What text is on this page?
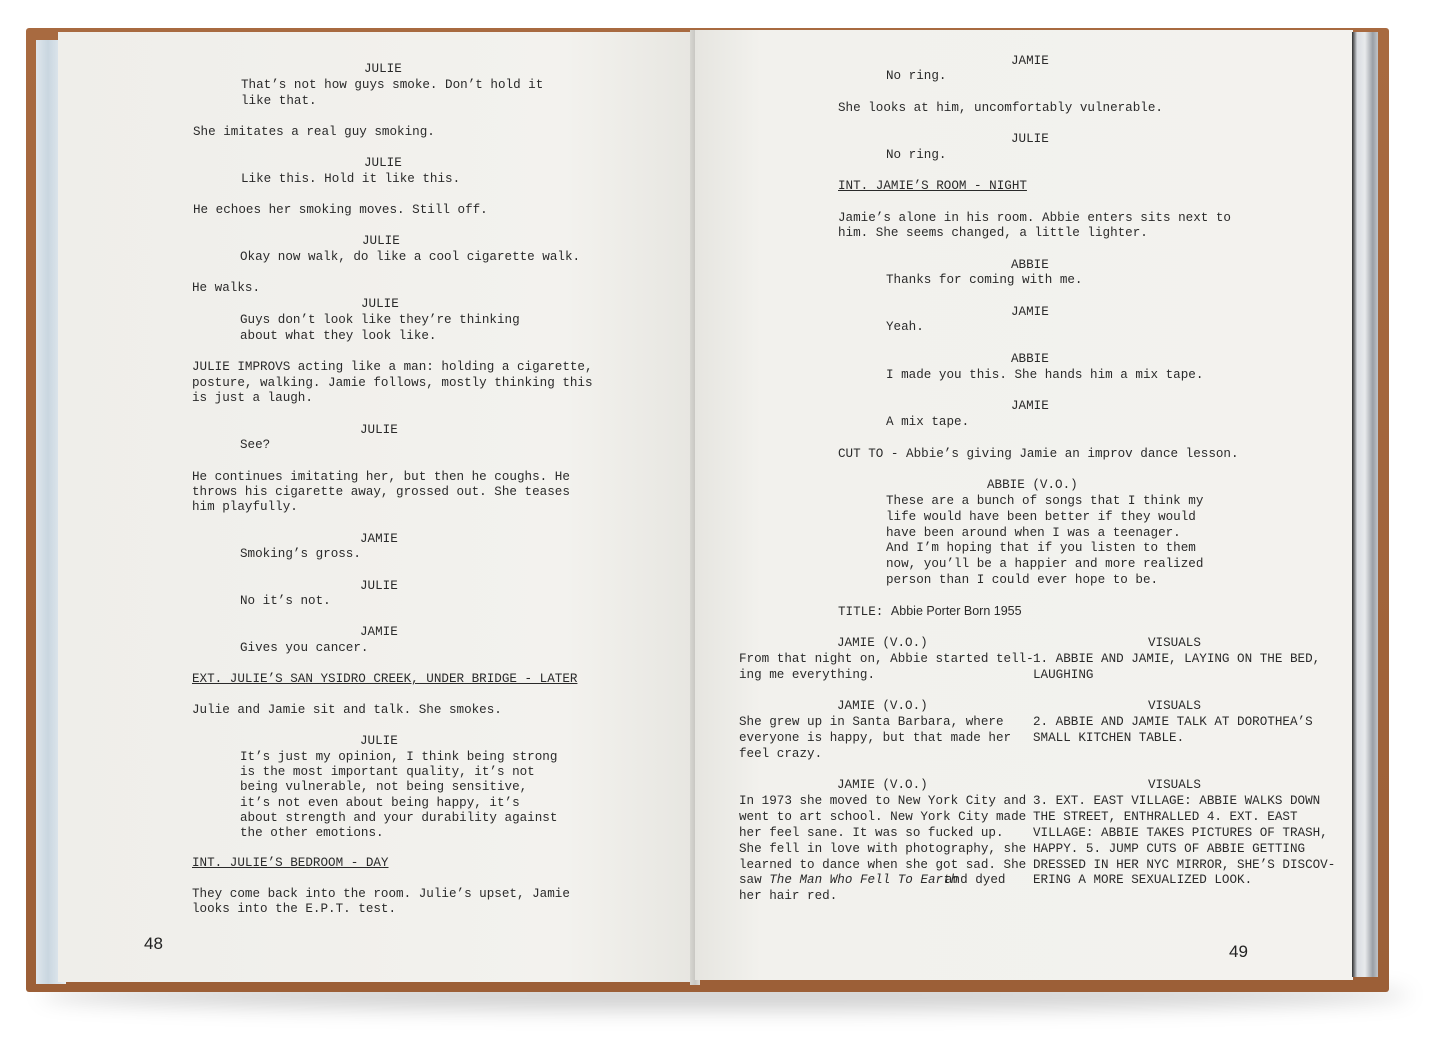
48
JULIE
That’s not how guys smoke. Don’t hold it
like that.
She imitates a real guy smoking.
JULIE
Like this. Hold it like this.
He echoes her smoking moves. Still off.
JULIE
Okay now walk, do like a cool cigarette walk.
He walks.
JULIE
Guys don’t look like they’re thinking
about what they look like.
JULIE IMPROVS acting like a man: holding a cigarette,
posture, walking. Jamie follows, mostly thinking this
is just a laugh.
JULIE
See?
He continues imitating her, but then he coughs. He
throws his cigarette away, grossed out. She teases
him playfully.
JAMIE
Smoking’s gross.
JULIE
No it’s not.
JAMIE
Gives you cancer.
EXT. JULIE’S SAN YSIDRO CREEK, UNDER BRIDGE - LATER
Julie and Jamie sit and talk. She smokes.
JULIE
It’s just my opinion, I think being strong
is the most important quality, it’s not
being vulnerable, not being sensitive,
it’s not even about being happy, it’s
about strength and your durability against
the other emotions.
INT. JULIE’S BEDROOM - DAY
They come back into the room. Julie’s upset, Jamie
looks into the E.P.T. test.
TITLE: Abbie Porter Born 1955
saw The Man Who Fell To Earth
49
JAMIE
No ring.
She looks at him, uncomfortably vulnerable.
JULIE
No ring.
INT. JAMIE’S ROOM - NIGHT
Jamie’s alone in his room. Abbie enters sits next to
him. She seems changed, a little lighter.
ABBIE
Thanks for coming with me.
JAMIE
Yeah.
ABBIE
I made you this. She hands him a mix tape.
JAMIE
A mix tape.
CUT TO - Abbie’s giving Jamie an improv dance lesson.
ABBIE (V.O.)
These are a bunch of songs that I think my
life would have been better if they would
have been around when I was a teenager.
And I’m hoping that if you listen to them
now, you’ll be a happier and more realized
person than I could ever hope to be.
JAMIE (V.O.)
From that night on, Abbie started tell-
ing me everything.
JAMIE (V.O.)
She grew up in Santa Barbara, where
everyone is happy, but that made her
feel crazy.
JAMIE (V.O.)
In 1973 she moved to New York City and
went to art school. New York City made
her feel sane. It was so fucked up.
She fell in love with photography, she
learned to dance when she got sad. She
and dyed
her hair red.
VISUALS
1. ABBIE AND JAMIE, LAYING ON THE BED,
LAUGHING
VISUALS
2. ABBIE AND JAMIE TALK AT DOROTHEA’S
SMALL KITCHEN TABLE.
VISUALS
3. EXT. EAST VILLAGE: ABBIE WALKS DOWN
THE STREET, ENTHRALLED 4. EXT. EAST
VILLAGE: ABBIE TAKES PICTURES OF TRASH,
HAPPY. 5. JUMP CUTS OF ABBIE GETTING
DRESSED IN HER NYC MIRROR, SHE’S DISCOV-
ERING A MORE SEXUALIZED LOOK.
